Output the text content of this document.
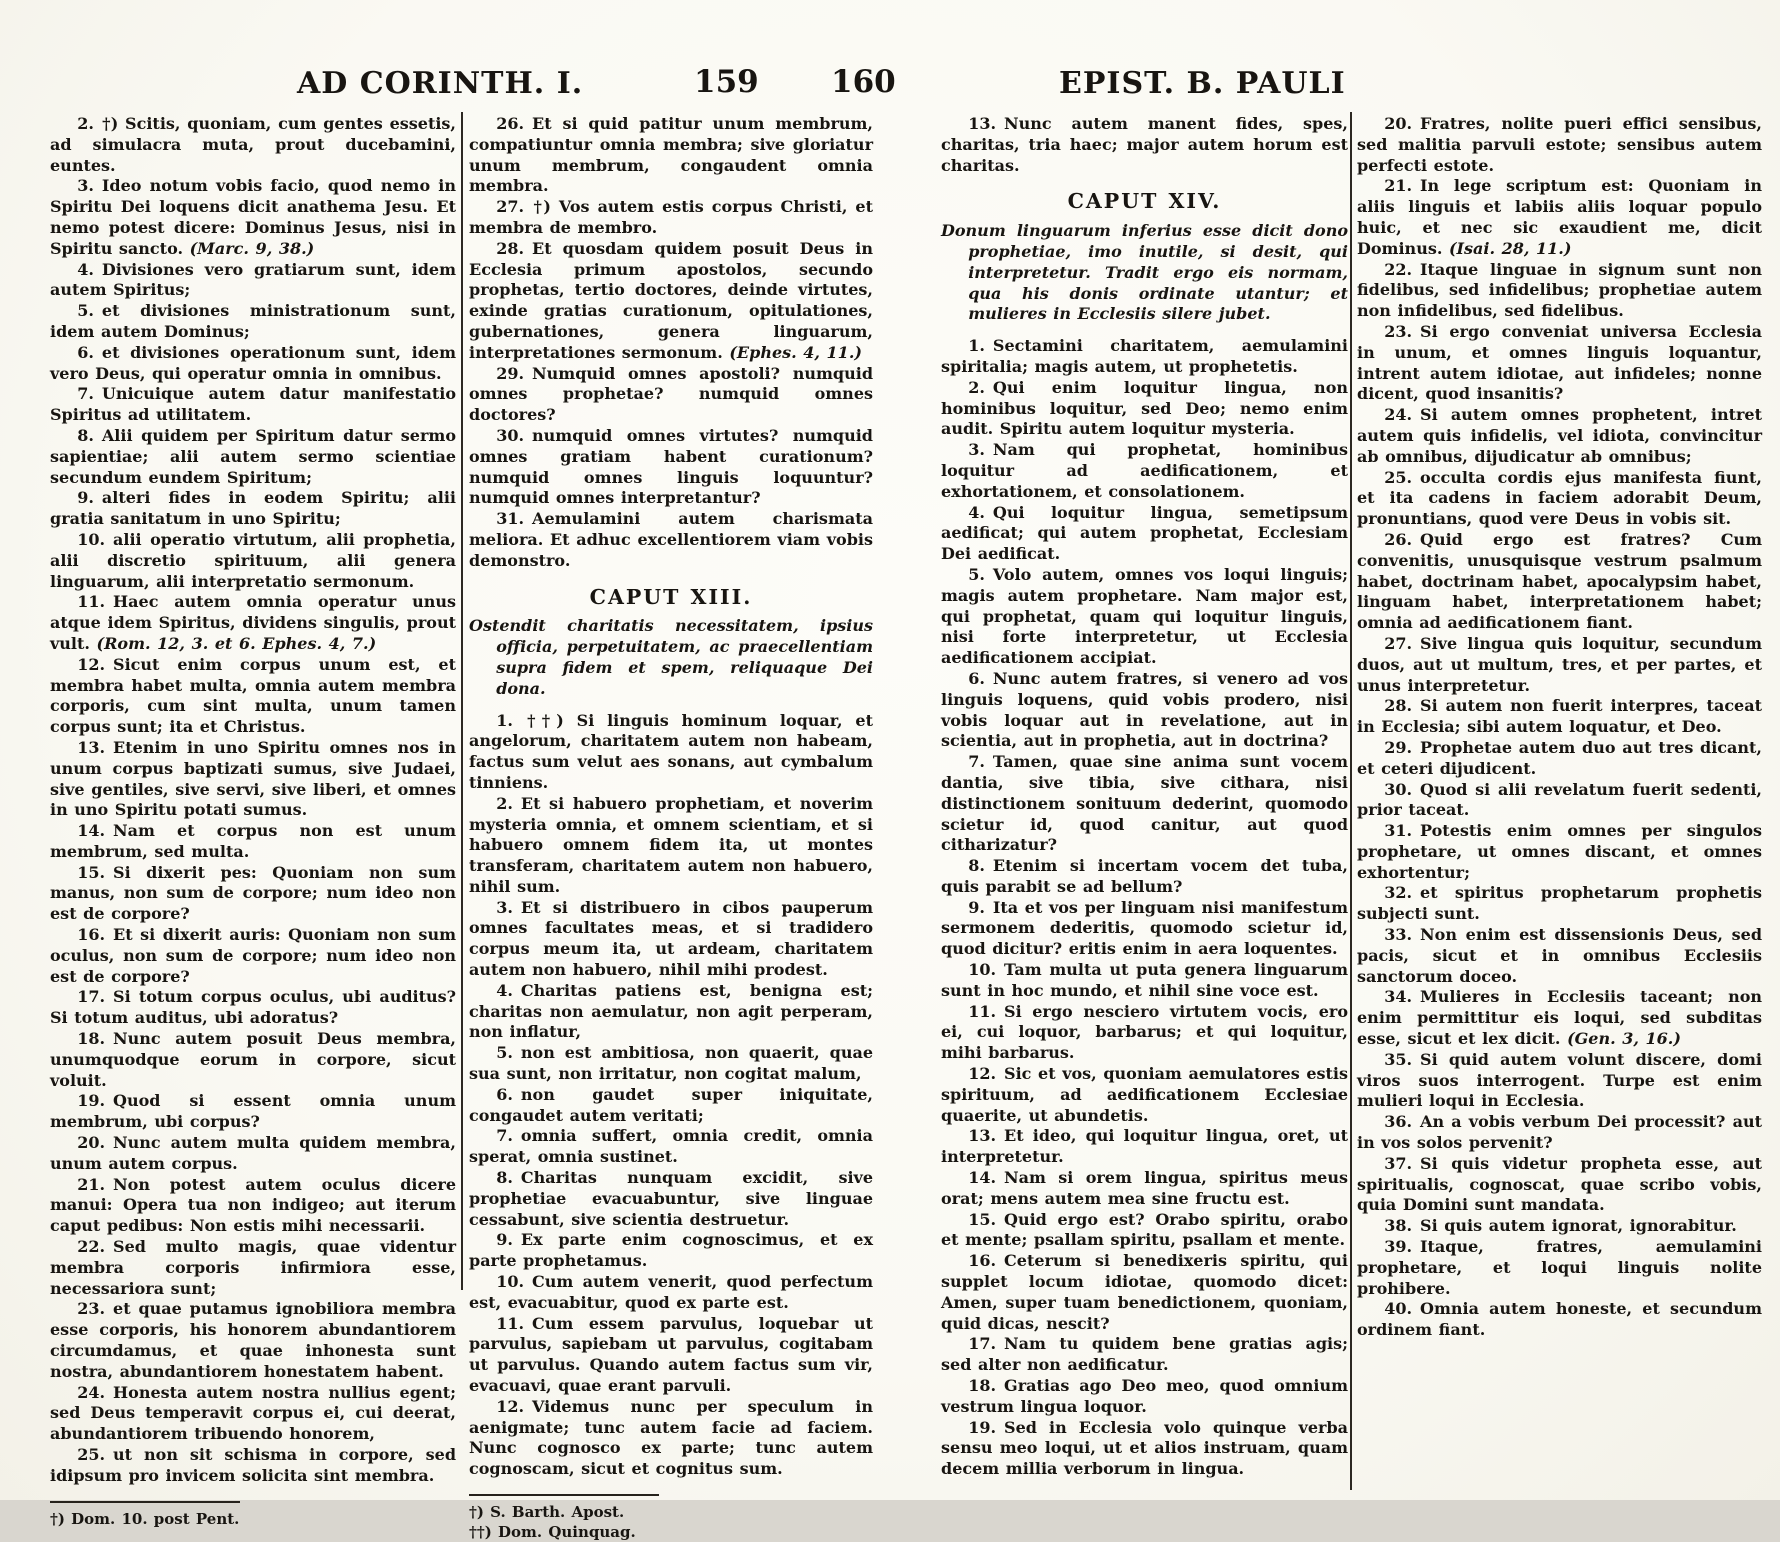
AD CORINTH. I.	159 160	EPIST. B. PAULI

2. †) Scitis, quoniam, cum gentes essetis, ad simulacra muta, prout ducebamini, euntes.

3. Ideo notum vobis facio, quod nemo in Spiritu Dei loquens dicit anathema Jesu. Et nemo potest dicere: Dominus Jesus, nisi in Spiritu sancto. (Marc. 9, 38.)

4. Divisiones vero gratiarum sunt, idem autem Spiritus;

5. et divisiones ministrationum sunt, idem autem Dominus;

6. et divisiones operationum sunt, idem vero Deus, qui operatur omnia in omnibus.

7. Unicuique autem datur manifestatio Spiritus ad utilitatem.

8. Alii quidem per Spiritum datur sermo sapientiae; alii autem sermo scientiae secundum eundem Spiritum;

9. alteri fides in eodem Spiritu; alii gratia sanitatum in uno Spiritu;

10. alii operatio virtutum, alii prophetia, alii discretio spirituum, alii genera linguarum, alii interpretatio sermonum.

11. Haec autem omnia operatur unus atque idem Spiritus, dividens singulis, prout vult. (Rom. 12, 3. et 6. Ephes. 4, 7.)

12. Sicut enim corpus unum est, et membra habet multa, omnia autem membra corporis, cum sint multa, unum tamen corpus sunt; ita et Christus.

13. Etenim in uno Spiritu omnes nos in unum corpus baptizati sumus, sive Judaei, sive gentiles, sive servi, sive liberi, et omnes in uno Spiritu potati sumus.

14. Nam et corpus non est unum membrum, sed multa.

15. Si dixerit pes: Quoniam non sum manus, non sum de corpore; num ideo non est de corpore?

16. Et si dixerit auris: Quoniam non sum oculus, non sum de corpore; num ideo non est de corpore?

17. Si totum corpus oculus, ubi auditus? Si totum auditus, ubi adoratus?

18. Nunc autem posuit Deus membra, unumquodque eorum in corpore, sicut voluit.

19. Quod si essent omnia unum membrum, ubi corpus?

20. Nunc autem multa quidem membra, unum autem corpus.

21. Non potest autem oculus dicere manui: Opera tua non indigeo; aut iterum caput pedibus: Non estis mihi necessarii.

22. Sed multo magis, quae videntur membra corporis infirmiora esse, necessariora sunt;

23. et quae putamus ignobiliora membra esse corporis, his honorem abundantiorem circumdamus, et quae inhonesta sunt nostra, abundantiorem honestatem habent.

24. Honesta autem nostra nullius egent; sed Deus temperavit corpus ei, cui deerat, abundantiorem tribuendo honorem,

25. ut non sit schisma in corpore, sed idipsum pro invicem solicita sint membra.

†) Dom. 10. post Pent.

26. Et si quid patitur unum membrum, compatiuntur omnia membra; sive gloriatur unum membrum, congaudent omnia membra.

27. †) Vos autem estis corpus Christi, et membra de membro.

28. Et quosdam quidem posuit Deus in Ecclesia primum apostolos, secundo prophetas, tertio doctores, deinde virtutes, exinde gratias curationum, opitulationes, gubernationes, genera linguarum, interpretationes sermonum. (Ephes. 4, 11.)

29. Numquid omnes apostoli? numquid omnes prophetae? numquid omnes doctores?

30. numquid omnes virtutes? numquid omnes gratiam habent curationum? numquid omnes linguis loquuntur? numquid omnes interpretantur?

31. Aemulamini autem charismata meliora. Et adhuc excellentiorem viam vobis demonstro.

CAPUT XIII.

Ostendit charitatis necessitatem, ipsius officia, perpetuitatem, ac praecellentiam supra fidem et spem, reliquaque Dei dona.

1. ††) Si linguis hominum loquar, et angelorum, charitatem autem non habeam, factus sum velut aes sonans, aut cymbalum tinniens.

2. Et si habuero prophetiam, et noverim mysteria omnia, et omnem scientiam, et si habuero omnem fidem ita, ut montes transferam, charitatem autem non habuero, nihil sum.

3. Et si distribuero in cibos pauperum omnes facultates meas, et si tradidero corpus meum ita, ut ardeam, charitatem autem non habuero, nihil mihi prodest.

4. Charitas patiens est, benigna est; charitas non aemulatur, non agit perperam, non inflatur,

5. non est ambitiosa, non quaerit, quae sua sunt, non irritatur, non cogitat malum,

6. non gaudet super iniquitate, congaudet autem veritati;

7. omnia suffert, omnia credit, omnia sperat, omnia sustinet.

8. Charitas nunquam excidit, sive prophetiae evacuabuntur, sive linguae cessabunt, sive scientia destruetur.

9. Ex parte enim cognoscimus, et ex parte prophetamus.

10. Cum autem venerit, quod perfectum est, evacuabitur, quod ex parte est.

11. Cum essem parvulus, loquebar ut parvulus, sapiebam ut parvulus, cogitabam ut parvulus. Quando autem factus sum vir, evacuavi, quae erant parvuli.

12. Videmus nunc per speculum in aenigmate; tunc autem facie ad faciem. Nunc cognosco ex parte; tunc autem cognoscam, sicut et cognitus sum.

†) S. Barth. Apost.

††) Dom. Quinquag.

13. Nunc autem manent fides, spes, charitas, tria haec; major autem horum est charitas.

CAPUT XIV.

Donum linguarum inferius esse dicit dono prophetiae, imo inutile, si desit, qui interpretetur. Tradit ergo eis normam, qua his donis ordinate utantur; et mulieres in Ecclesiis silere jubet.

1. Sectamini charitatem, aemulamini spiritalia; magis autem, ut prophetetis.

2. Qui enim loquitur lingua, non hominibus loquitur, sed Deo; nemo enim audit. Spiritu autem loquitur mysteria.

3. Nam qui prophetat, hominibus loquitur ad aedificationem, et exhortationem, et consolationem.

4. Qui loquitur lingua, semetipsum aedificat; qui autem prophetat, Ecclesiam Dei aedificat.

5. Volo autem, omnes vos loqui linguis; magis autem prophetare. Nam major est, qui prophetat, quam qui loquitur linguis, nisi forte interpretetur, ut Ecclesia aedificationem accipiat.

6. Nunc autem fratres, si venero ad vos linguis loquens, quid vobis prodero, nisi vobis loquar aut in revelatione, aut in scientia, aut in prophetia, aut in doctrina?

7. Tamen, quae sine anima sunt vocem dantia, sive tibia, sive cithara, nisi distinctionem sonituum dederint, quomodo scietur id, quod canitur, aut quod citharizatur?

8. Etenim si incertam vocem det tuba, quis parabit se ad bellum?

9. Ita et vos per linguam nisi manifestum sermonem dederitis, quomodo scietur id, quod dicitur? eritis enim in aera loquentes.

10. Tam multa ut puta genera linguarum sunt in hoc mundo, et nihil sine voce est.

11. Si ergo nesciero virtutem vocis, ero ei, cui loquor, barbarus; et qui loquitur, mihi barbarus.

12. Sic et vos, quoniam aemulatores estis spirituum, ad aedificationem Ecclesiae quaerite, ut abundetis.

13. Et ideo, qui loquitur lingua, oret, ut interpretetur.

14. Nam si orem lingua, spiritus meus orat; mens autem mea sine fructu est.

15. Quid ergo est? Orabo spiritu, orabo et mente; psallam spiritu, psallam et mente.

16. Ceterum si benedixeris spiritu, qui supplet locum idiotae, quomodo dicet: Amen, super tuam benedictionem, quoniam, quid dicas, nescit?

17. Nam tu quidem bene gratias agis; sed alter non aedificatur.

18. Gratias ago Deo meo, quod omnium vestrum lingua loquor.

19. Sed in Ecclesia volo quinque verba sensu meo loqui, ut et alios instruam, quam decem millia verborum in lingua.

20. Fratres, nolite pueri effici sensibus, sed malitia parvuli estote; sensibus autem perfecti estote.

21. In lege scriptum est: Quoniam in aliis linguis et labiis aliis loquar populo huic, et nec sic exaudient me, dicit Dominus. (Isai. 28, 11.)

22. Itaque linguae in signum sunt non fidelibus, sed infidelibus; prophetiae autem non infidelibus, sed fidelibus.

23. Si ergo conveniat universa Ecclesia in unum, et omnes linguis loquantur, intrent autem idiotae, aut infideles; nonne dicent, quod insanitis?

24. Si autem omnes prophetent, intret autem quis infidelis, vel idiota, convincitur ab omnibus, dijudicatur ab omnibus;

25. occulta cordis ejus manifesta fiunt, et ita cadens in faciem adorabit Deum, pronuntians, quod vere Deus in vobis sit.

26. Quid ergo est fratres? Cum convenitis, unusquisque vestrum psalmum habet, doctrinam habet, apocalypsim habet, linguam habet, interpretationem habet; omnia ad aedificationem fiant.

27. Sive lingua quis loquitur, secundum duos, aut ut multum, tres, et per partes, et unus interpretetur.

28. Si autem non fuerit interpres, taceat in Ecclesia; sibi autem loquatur, et Deo.

29. Prophetae autem duo aut tres dicant, et ceteri dijudicent.

30. Quod si alii revelatum fuerit sedenti, prior taceat.

31. Potestis enim omnes per singulos prophetare, ut omnes discant, et omnes exhortentur;

32. et spiritus prophetarum prophetis subjecti sunt.

33. Non enim est dissensionis Deus, sed pacis, sicut et in omnibus Ecclesiis sanctorum doceo.

34. Mulieres in Ecclesiis taceant; non enim permittitur eis loqui, sed subditas esse, sicut et lex dicit. (Gen. 3, 16.)

35. Si quid autem volunt discere, domi viros suos interrogent. Turpe est enim mulieri loqui in Ecclesia.

36. An a vobis verbum Dei processit? aut in vos solos pervenit?

37. Si quis videtur propheta esse, aut spiritualis, cognoscat, quae scribo vobis, quia Domini sunt mandata.

38. Si quis autem ignorat, ignorabitur.

39. Itaque, fratres, aemulamini prophetare, et loqui linguis nolite prohibere.

40. Omnia autem honeste, et secundum ordinem fiant.
